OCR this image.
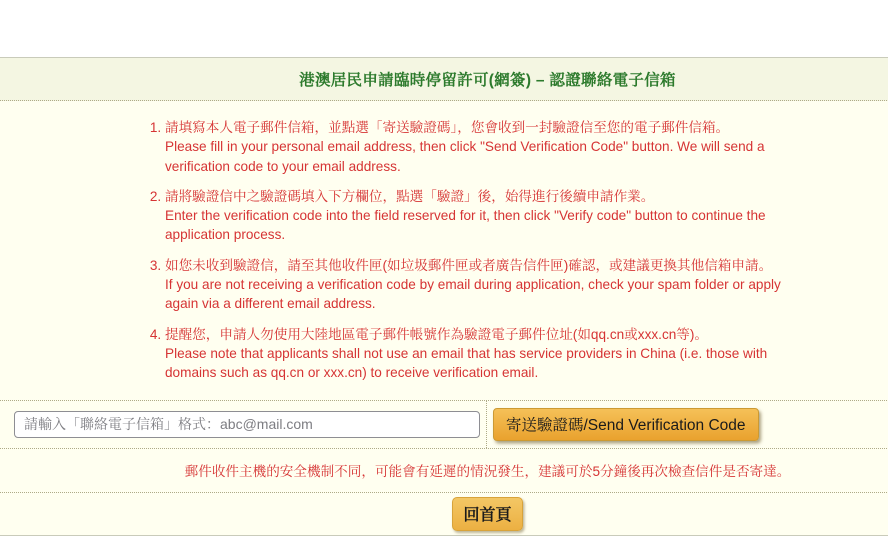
港澳居民申請臨時停留許可(網簽) – 認證聯絡電子信箱
1. 請填寫本人電子郵件信箱，並點選「寄送驗證碼」，您會收到一封驗證信至您的電子郵件信箱。
Please fill in your personal email address, then click "Send Verification Code" button. We will send a verification code to your email address.
2. 請將驗證信中之驗證碼填入下方欄位，點選「驗證」後，始得進行後續申請作業。
Enter the verification code into the field reserved for it, then click "Verify code" button to continue the application process.
3. 如您未收到驗證信，請至其他收件匣(如垃圾郵件匣或者廣告信件匣)確認，或建議更換其他信箱申請。
If you are not receiving a verification code by email during application, check your spam folder or apply again via a different email address.
4. 提醒您，申請人勿使用大陸地區電子郵件帳號作為驗證電子郵件位址(如qq.cn或xxx.cn等)。
Please note that applicants shall not use an email that has service providers in China (i.e. those with domains such as qq.cn or xxx.cn) to receive verification email.
請輸入「聯絡電子信箱」格式：abc@mail.com
寄送驗證碼/Send Verification Code
郵件收件主機的安全機制不同，可能會有延遲的情況發生，建議可於5分鐘後再次檢查信件是否寄達。
回首頁
